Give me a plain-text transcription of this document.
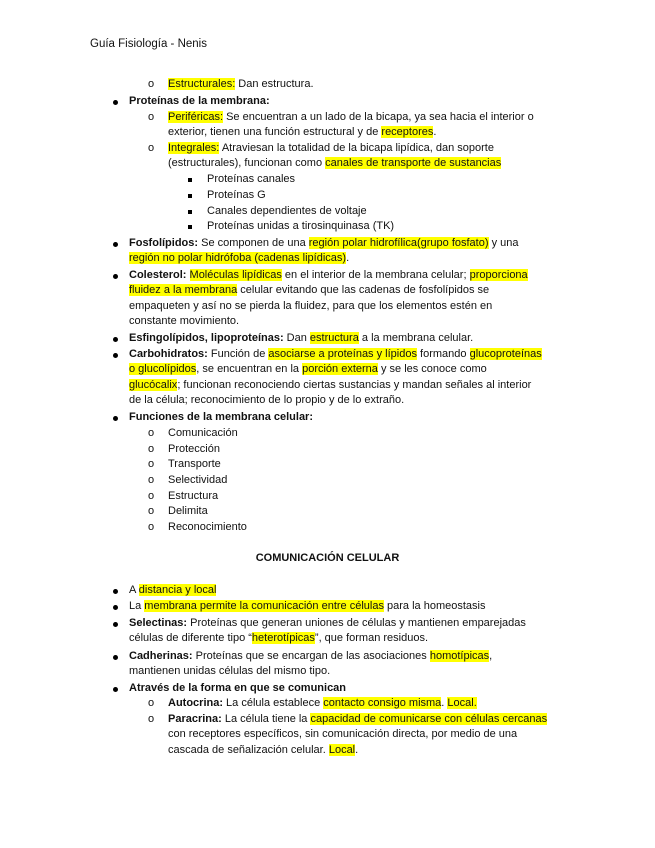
Guía Fisiología - Nenis
COMUNICACIÓN CELULAR
o Estructurales: Dan estructura.
Proteínas de la membrana:
o Periféricas: Se encuentran a un lado de la bicapa, ya sea hacia el interior o
exterior, tienen una función estructural y de receptores.
o Integrales: Atraviesan la totalidad de la bicapa lipídica, dan soporte
(estructurales), funcionan como canales de transporte de sustancias
Proteínas canales
Proteínas G
Canales dependientes de voltaje
Proteínas unidas a tirosinquinasa (TK)
Fosfolípidos: Se componen de una región polar hidrofílica(grupo fosfato) y una
región no polar hidrófoba (cadenas lipídicas).
Colesterol: Moléculas lipídicas en el interior de la membrana celular; proporciona
fluidez a la membrana celular evitando que las cadenas de fosfolípidos se
empaqueten y así no se pierda la fluidez, para que los elementos estén en
constante movimiento.
Esfingolípidos, lipoproteínas: Dan estructura a la membrana celular.
Carbohidratos: Función de asociarse a proteínas y lípidos formando glucoproteínas
o glucolípidos, se encuentran en la porción externa y se les conoce como
glucócalix; funcionan reconociendo ciertas sustancias y mandan señales al interior
de la célula; reconocimiento de lo propio y de lo extraño.
Funciones de la membrana celular:
o Comunicación
o Protección
o Transporte
o Selectividad
o Estructura
o Delimita
o Reconocimiento
A distancia y local
La membrana permite la comunicación entre células para la homeostasis
Selectinas: Proteínas que generan uniones de células y mantienen emparejadas
células de diferente tipo “heterotípicas”, que forman residuos.
Cadherinas: Proteínas que se encargan de las asociaciones homotípicas,
mantienen unidas células del mismo tipo.
Através de la forma en que se comunican
o Autocrina: La célula establece contacto consigo misma. Local.
o Paracrina: La célula tiene la capacidad de comunicarse con células cercanas
con receptores específicos, sin comunicación directa, por medio de una
cascada de señalización celular. Local.
